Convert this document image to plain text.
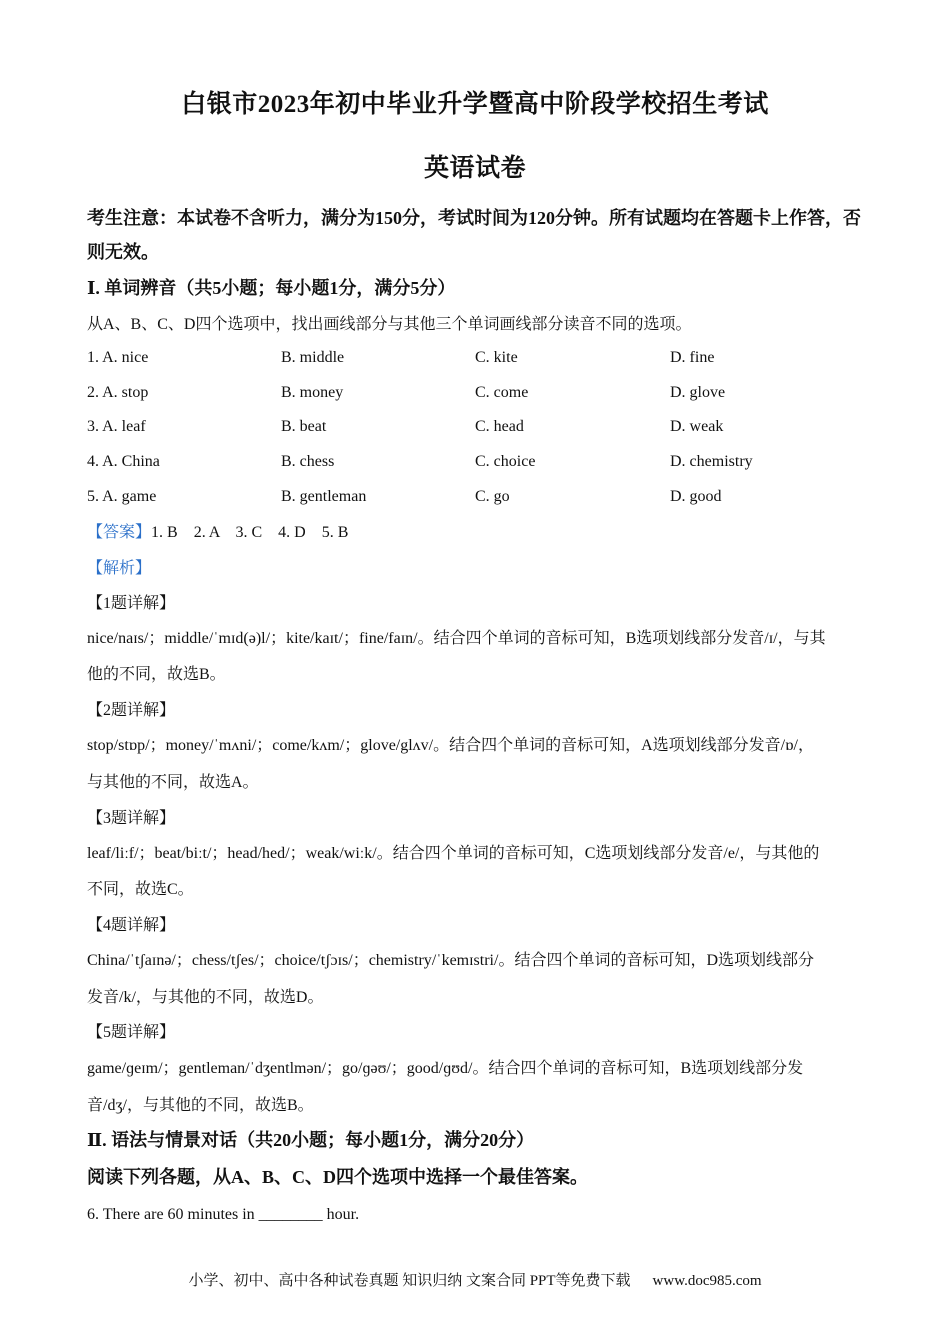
白银市2023年初中毕业升学暨高中阶段学校招生考试
英语试卷
考生注意：本试卷不含听力，满分为150分，考试时间为120分钟。所有试题均在答题卡上作答，否则无效。
Ⅰ. 单词辨音（共5小题；每小题1分，满分5分）
从A、B、C、D四个选项中，找出画线部分与其他三个单词画线部分读音不同的选项。
1. A. nice	B. middle	C. kite	D. fine
2. A. stop	B. money	C. come	D. glove
3. A. leaf	B. beat	C. head	D. weak
4. A. China	B. chess	C. choice	D. chemistry
5. A. game	B. gentleman	C. go	D. good
【答案】1. B　2. A　3. C　4. D　5. B
【解析】
【1题详解】
nice/naɪs/；middle/ˈmɪd(ə)l/；kite/kaɪt/；fine/faɪn/。结合四个单词的音标可知，B选项划线部分发音/ɪ/，与其
他的不同，故选B。
【2题详解】
stop/stɒp/；money/ˈmʌni/；come/kʌm/；glove/glʌv/。结合四个单词的音标可知，A选项划线部分发音/ɒ/，
与其他的不同，故选A。
【3题详解】
leaf/liːf/；beat/biːt/；head/hed/；weak/wiːk/。结合四个单词的音标可知，C选项划线部分发音/e/，与其他的
不同，故选C。
【4题详解】
China/ˈtʃaɪnə/；chess/tʃes/；choice/tʃɔɪs/；chemistry/ˈkemɪstri/。结合四个单词的音标可知，D选项划线部分
发音/k/，与其他的不同，故选D。
【5题详解】
game/ɡeɪm/；gentleman/ˈdʒentlmən/；go/ɡəʊ/；good/ɡʊd/。结合四个单词的音标可知，B选项划线部分发
音/dʒ/，与其他的不同，故选B。
Ⅱ. 语法与情景对话（共20小题；每小题1分，满分20分）
阅读下列各题，从A、B、C、D四个选项中选择一个最佳答案。
6. There are 60 minutes in ________ hour.
小学、初中、高中各种试卷真题 知识归纳 文案合同 PPT等免费下载 www.doc985.com
